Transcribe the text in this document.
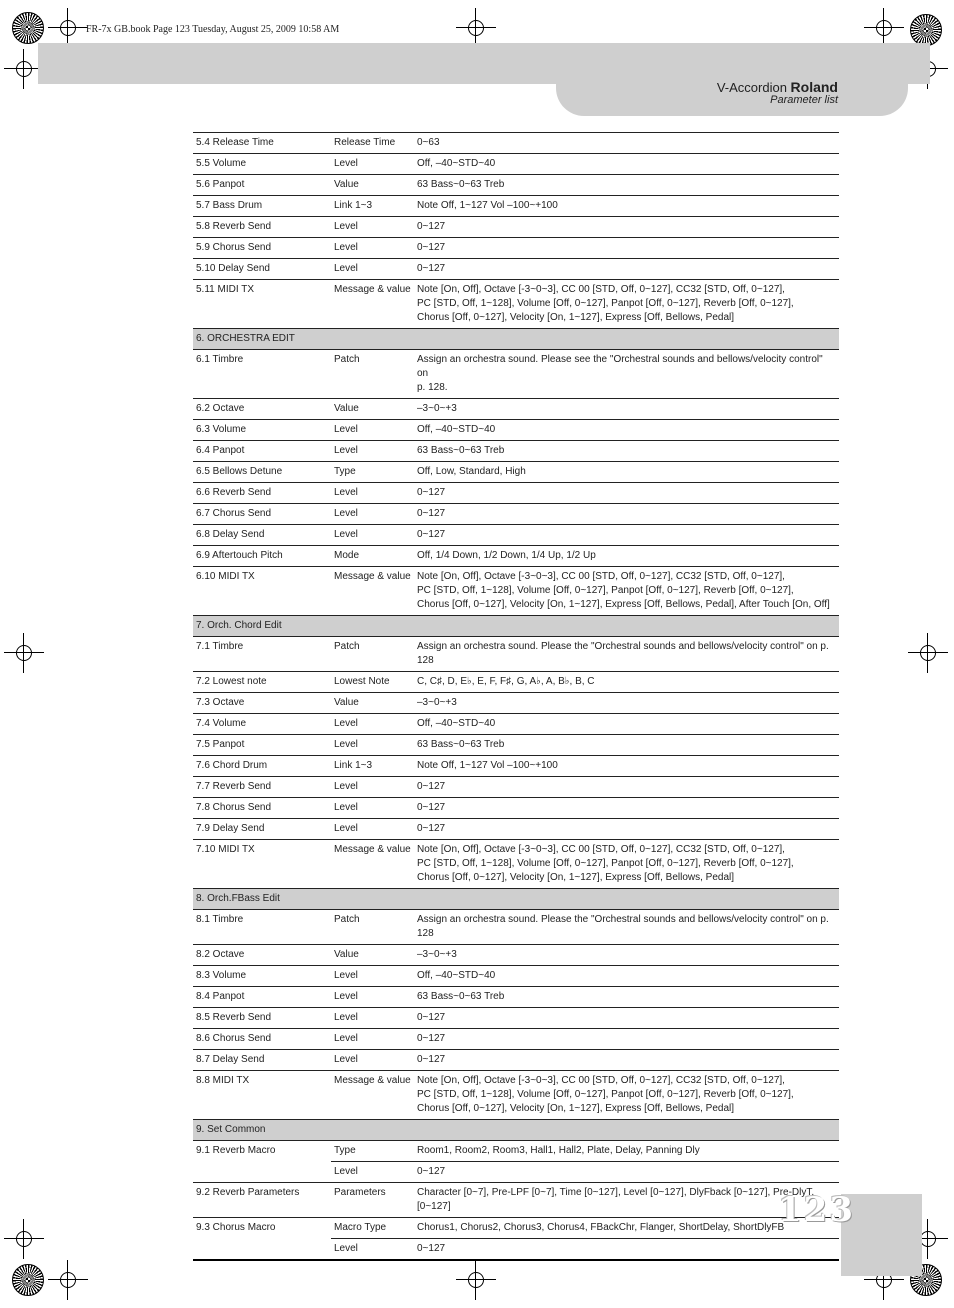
FR-7x GB.book Page 123 Tuesday, August 25, 2009 10:58 AM
V-Accordion Roland
Parameter list
5.4 Release Time	Release Time	0~63
5.5 Volume	Level	Off, –40~STD~40
5.6 Panpot	Value	63 Bass~0~63 Treb
5.7 Bass Drum	Link 1~3	Note Off, 1~127 Vol –100~+100
5.8 Reverb Send	Level	0~127
5.9 Chorus Send	Level	0~127
5.10 Delay Send	Level	0~127
5.11 MIDI TX	Message & value	Note [On, Off], Octave [-3~0~3], CC 00 [STD, Off, 0~127], CC32 [STD, Off, 0~127],
PC [STD, Off, 1~128], Volume [Off, 0~127], Panpot [Off, 0~127], Reverb [Off, 0~127],
Chorus [Off, 0~127], Velocity [On, 1~127], Express [Off, Bellows, Pedal]
6. ORCHESTRA EDIT		
6.1 Timbre	Patch	Assign an orchestra sound. Please see the "Orchestral sounds and bellows/velocity control" on
p. 128.
6.2 Octave	Value	–3~0~+3
6.3 Volume	Level	Off, –40~STD~40
6.4 Panpot	Level	63 Bass~0~63 Treb
6.5 Bellows Detune	Type	Off, Low, Standard, High
6.6 Reverb Send	Level	0~127
6.7 Chorus Send	Level	0~127
6.8 Delay Send	Level	0~127
6.9 Aftertouch Pitch	Mode	Off, 1/4 Down, 1/2 Down, 1/4 Up, 1/2 Up
6.10 MIDI TX	Message & value	Note [On, Off], Octave [-3~0~3], CC 00 [STD, Off, 0~127], CC32 [STD, Off, 0~127],
PC [STD, Off, 1~128], Volume [Off, 0~127], Panpot [Off, 0~127], Reverb [Off, 0~127],
Chorus [Off, 0~127], Velocity [On, 1~127], Express [Off, Bellows, Pedal], After Touch [On, Off]
7. Orch. Chord Edit		
7.1 Timbre	Patch	Assign an orchestra sound. Please the "Orchestral sounds and bellows/velocity control" on p. 128
7.2 Lowest note	Lowest Note	C, C♯, D, E♭, E, F, F♯, G, A♭, A, B♭, B, C
7.3 Octave	Value	–3~0~+3
7.4 Volume	Level	Off, –40~STD~40
7.5 Panpot	Level	63 Bass~0~63 Treb
7.6 Chord Drum	Link 1~3	Note Off, 1~127 Vol –100~+100
7.7 Reverb Send	Level	0~127
7.8 Chorus Send	Level	0~127
7.9 Delay Send	Level	0~127
7.10 MIDI TX	Message & value	Note [On, Off], Octave [-3~0~3], CC 00 [STD, Off, 0~127], CC32 [STD, Off, 0~127],
PC [STD, Off, 1~128], Volume [Off, 0~127], Panpot [Off, 0~127], Reverb [Off, 0~127],
Chorus [Off, 0~127], Velocity [On, 1~127], Express [Off, Bellows, Pedal]
8. Orch.FBass Edit		
8.1 Timbre	Patch	Assign an orchestra sound. Please the "Orchestral sounds and bellows/velocity control" on p. 128
8.2 Octave	Value	–3~0~+3
8.3 Volume	Level	Off, –40~STD~40
8.4 Panpot	Level	63 Bass~0~63 Treb
8.5 Reverb Send	Level	0~127
8.6 Chorus Send	Level	0~127
8.7 Delay Send	Level	0~127
8.8 MIDI TX	Message & value	Note [On, Off], Octave [-3~0~3], CC 00 [STD, Off, 0~127], CC32 [STD, Off, 0~127],
PC [STD, Off, 1~128], Volume [Off, 0~127], Panpot [Off, 0~127], Reverb [Off, 0~127],
Chorus [Off, 0~127], Velocity [On, 1~127], Express [Off, Bellows, Pedal]
9. Set Common		
9.1 Reverb Macro	Type	Room1, Room2, Room3, Hall1, Hall2, Plate, Delay, Panning Dly
	Level	0~127
9.2 Reverb Parameters	Parameters	Character [0~7], Pre-LPF [0~7], Time [0~127], Level [0~127], DlyFback [0~127], Pre-DlyT. [0~127]
9.3 Chorus Macro	Macro Type	Chorus1, Chorus2, Chorus3, Chorus4, FBackChr, Flanger, ShortDelay, ShortDlyFB
	Level	0~127
123
